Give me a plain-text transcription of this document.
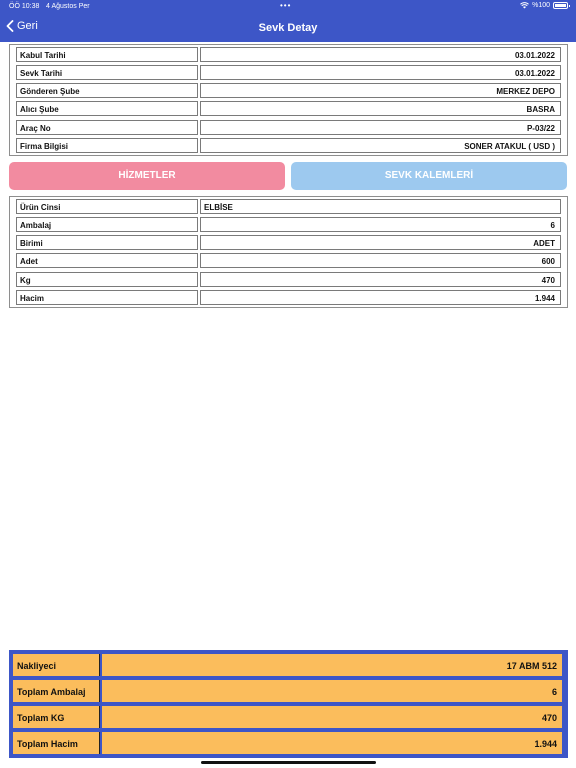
ÖÖ 10:38 4 Ağustos Per	•••	%100
Geri	Sevk Detay
Kabul Tarihi	03.01.2022
Sevk Tarihi	03.01.2022
Gönderen Şube	MERKEZ DEPO
Alıcı Şube	BASRA
Araç No	P-03/22
Firma Bilgisi	SONER ATAKUL ( USD )
HİZMETLER	SEVK KALEMLERİ
Ürün Cinsi	ELBİSE
Ambalaj	6
Birimi	ADET
Adet	600
Kg	470
Hacim	1.944
Nakliyeci	17 ABM 512
Toplam Ambalaj	6
Toplam KG	470
Toplam Hacim	1.944
